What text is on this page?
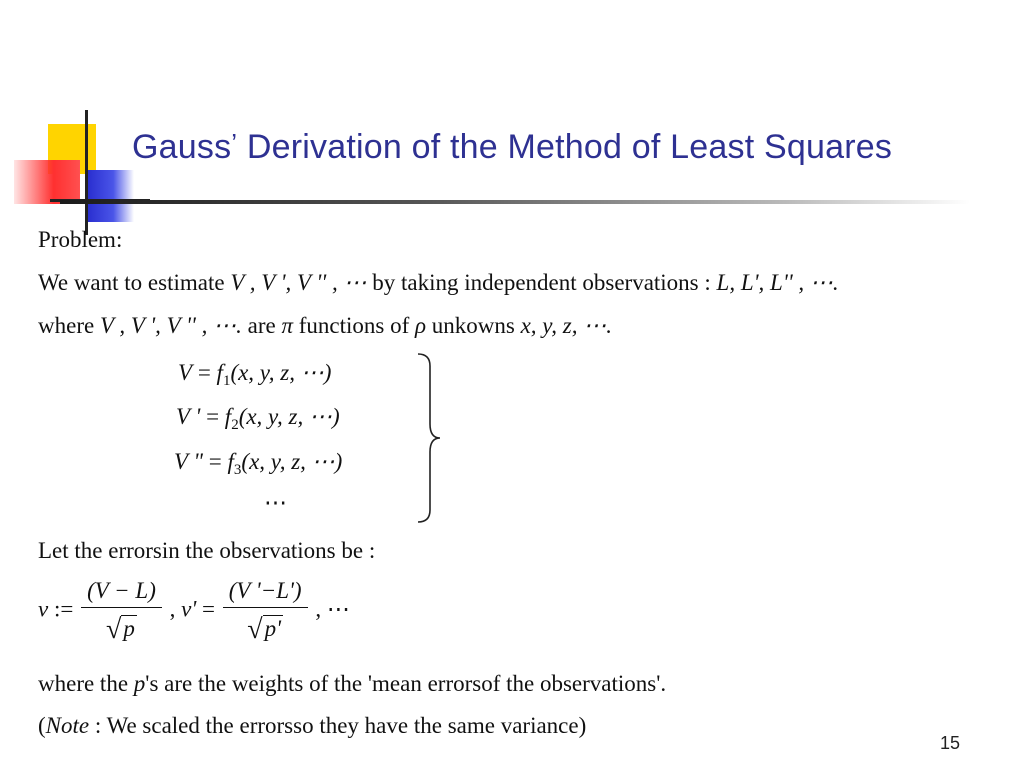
Gauss’ Derivation of the Method of Least Squares
Problem:
We want to estimate V , V ', V '' , ⋯ by taking independent observations : L, L', L'' , ⋯.
where V , V ', V '' , ⋯. are π functions of ρ unkowns x, y, z, ⋯.
$V = f_1(x$, y, z, ⋯)
V ' = $f_2(x$, y, z, ⋯)
V " = $f_3(x$, y, z, ⋯)
⋯
Let the errorsin the observations be :
v := $\frac{(V - L)}{√p}$ , $v' = \frac{(V '-L')}{√p'}$ , ⋯
where the p's are the weights of the 'mean errorsof the observations'.
(Note : We scaled the errorsso they have the same variance)
15
